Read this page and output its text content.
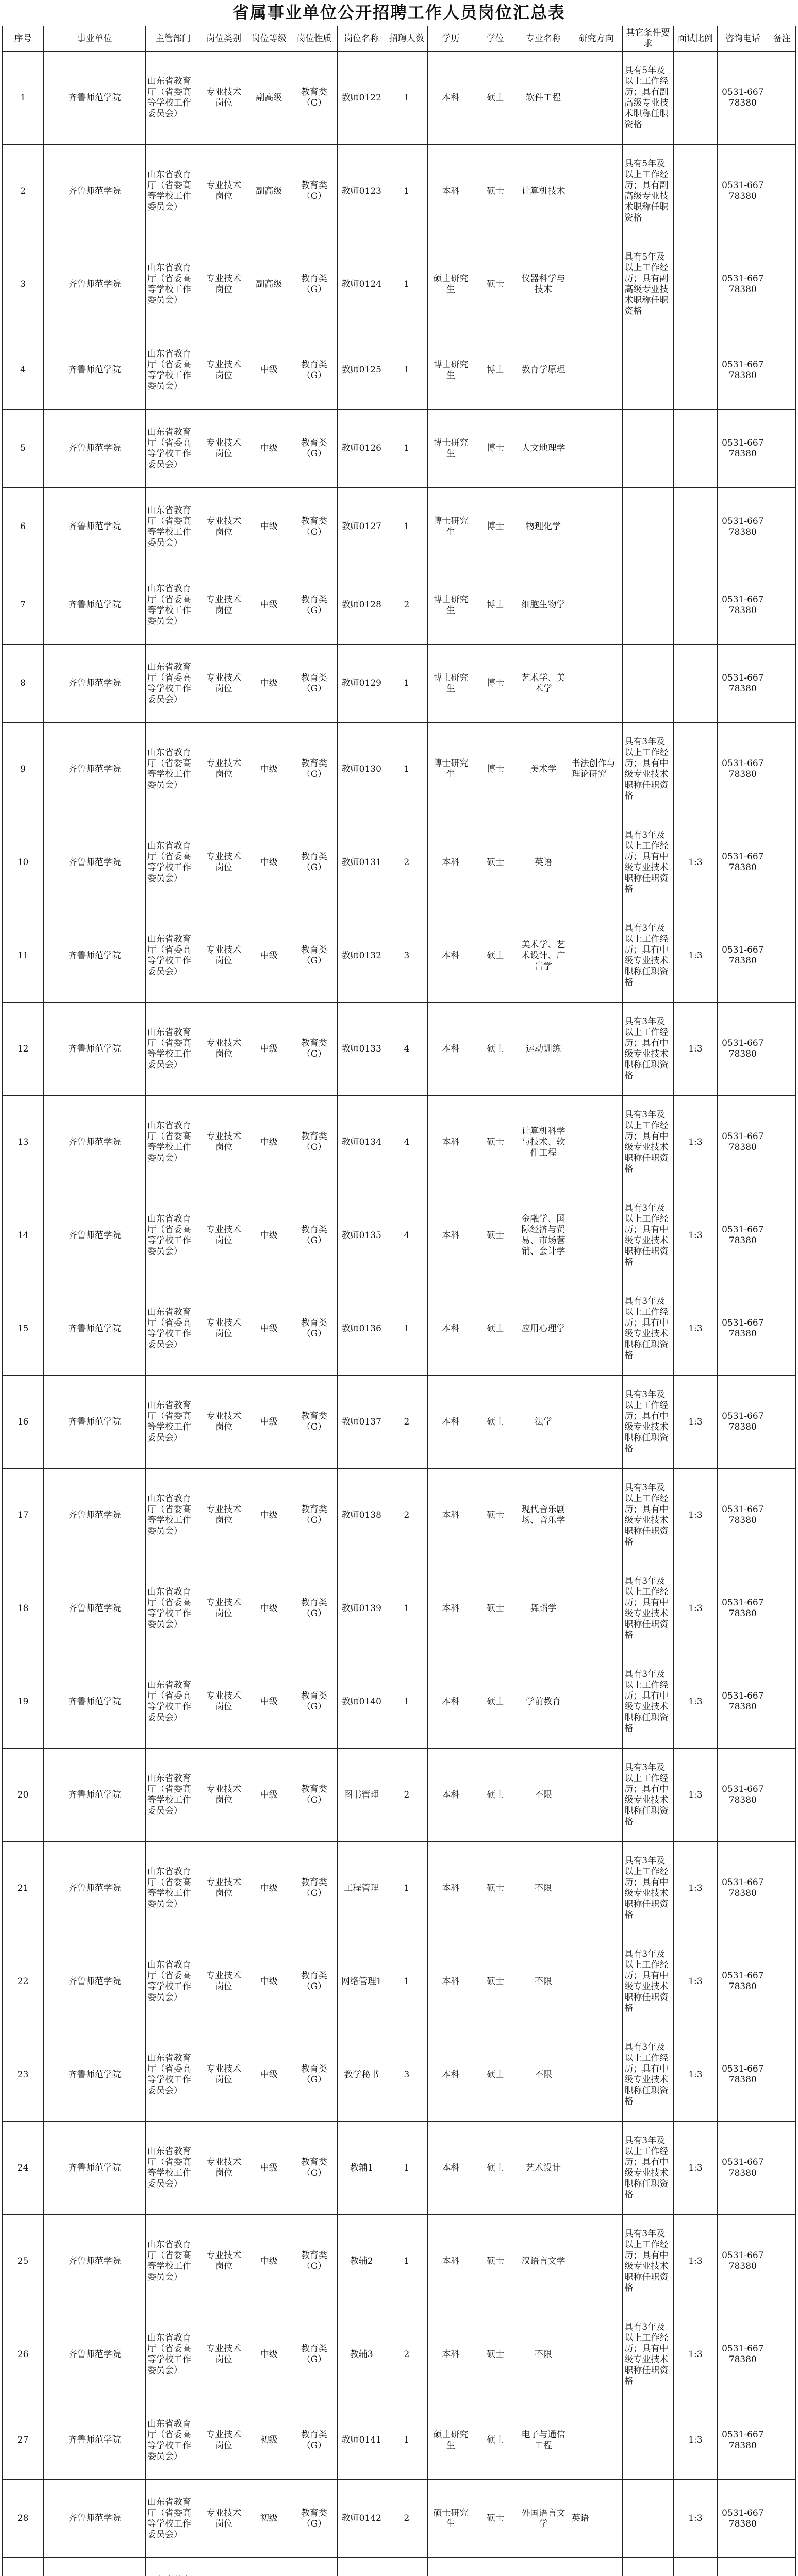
省属事业单位公开招聘工作人员岗位汇总表
序号	事业单位	主管部门	岗位类别	岗位等级	岗位性质	岗位名称	招聘人数	学历	学位	专业名称	研究方向	其它条件要求	面试比例	咨询电话	备注
1	齐鲁师范学院	山东省教育厅（省委高等学校工作委员会）	专业技术岗位	副高级	教育类（G）	教师0122	1	本科	硕士	软件工程		具有5年及以上工作经历；具有副高级专业技术职称任职资格		0531-66778380	
2	齐鲁师范学院	山东省教育厅（省委高等学校工作委员会）	专业技术岗位	副高级	教育类（G）	教师0123	1	本科	硕士	计算机技术		具有5年及以上工作经历；具有副高级专业技术职称任职资格		0531-66778380	
3	齐鲁师范学院	山东省教育厅（省委高等学校工作委员会）	专业技术岗位	副高级	教育类（G）	教师0124	1	硕士研究生	硕士	仪器科学与技术		具有5年及以上工作经历；具有副高级专业技术职称任职资格		0531-66778380	
4	齐鲁师范学院	山东省教育厅（省委高等学校工作委员会）	专业技术岗位	中级	教育类（G）	教师0125	1	博士研究生	博士	教育学原理				0531-66778380	
5	齐鲁师范学院	山东省教育厅（省委高等学校工作委员会）	专业技术岗位	中级	教育类（G）	教师0126	1	博士研究生	博士	人文地理学				0531-66778380	
6	齐鲁师范学院	山东省教育厅（省委高等学校工作委员会）	专业技术岗位	中级	教育类（G）	教师0127	1	博士研究生	博士	物理化学				0531-66778380	
7	齐鲁师范学院	山东省教育厅（省委高等学校工作委员会）	专业技术岗位	中级	教育类（G）	教师0128	2	博士研究生	博士	细胞生物学				0531-66778380	
8	齐鲁师范学院	山东省教育厅（省委高等学校工作委员会）	专业技术岗位	中级	教育类（G）	教师0129	1	博士研究生	博士	艺术学、美术学				0531-66778380	
9	齐鲁师范学院	山东省教育厅（省委高等学校工作委员会）	专业技术岗位	中级	教育类（G）	教师0130	1	博士研究生	博士	美术学	书法创作与理论研究	具有3年及以上工作经历；具有中级专业技术职称任职资格		0531-66778380	
10	齐鲁师范学院	山东省教育厅（省委高等学校工作委员会）	专业技术岗位	中级	教育类（G）	教师0131	2	本科	硕士	英语		具有3年及以上工作经历；具有中级专业技术职称任职资格	1:3	0531-66778380	
11	齐鲁师范学院	山东省教育厅（省委高等学校工作委员会）	专业技术岗位	中级	教育类（G）	教师0132	3	本科	硕士	美术学、艺术设计、广告学		具有3年及以上工作经历；具有中级专业技术职称任职资格	1:3	0531-66778380	
12	齐鲁师范学院	山东省教育厅（省委高等学校工作委员会）	专业技术岗位	中级	教育类（G）	教师0133	4	本科	硕士	运动训练		具有3年及以上工作经历；具有中级专业技术职称任职资格	1:3	0531-66778380	
13	齐鲁师范学院	山东省教育厅（省委高等学校工作委员会）	专业技术岗位	中级	教育类（G）	教师0134	4	本科	硕士	计算机科学与技术、软件工程		具有3年及以上工作经历；具有中级专业技术职称任职资格	1:3	0531-66778380	
14	齐鲁师范学院	山东省教育厅（省委高等学校工作委员会）	专业技术岗位	中级	教育类（G）	教师0135	4	本科	硕士	金融学、国际经济与贸易、市场营销、会计学		具有3年及以上工作经历；具有中级专业技术职称任职资格	1:3	0531-66778380	
15	齐鲁师范学院	山东省教育厅（省委高等学校工作委员会）	专业技术岗位	中级	教育类（G）	教师0136	1	本科	硕士	应用心理学		具有3年及以上工作经历；具有中级专业技术职称任职资格	1:3	0531-66778380	
16	齐鲁师范学院	山东省教育厅（省委高等学校工作委员会）	专业技术岗位	中级	教育类（G）	教师0137	2	本科	硕士	法学		具有3年及以上工作经历；具有中级专业技术职称任职资格	1:3	0531-66778380	
17	齐鲁师范学院	山东省教育厅（省委高等学校工作委员会）	专业技术岗位	中级	教育类（G）	教师0138	2	本科	硕士	现代音乐剧场、音乐学		具有3年及以上工作经历；具有中级专业技术职称任职资格	1:3	0531-66778380	
18	齐鲁师范学院	山东省教育厅（省委高等学校工作委员会）	专业技术岗位	中级	教育类（G）	教师0139	1	本科	硕士	舞蹈学		具有3年及以上工作经历；具有中级专业技术职称任职资格	1:3	0531-66778380	
19	齐鲁师范学院	山东省教育厅（省委高等学校工作委员会）	专业技术岗位	中级	教育类（G）	教师0140	1	本科	硕士	学前教育		具有3年及以上工作经历；具有中级专业技术职称任职资格	1:3	0531-66778380	
20	齐鲁师范学院	山东省教育厅（省委高等学校工作委员会）	专业技术岗位	中级	教育类（G）	图书管理	2	本科	硕士	不限		具有3年及以上工作经历；具有中级专业技术职称任职资格	1:3	0531-66778380	
21	齐鲁师范学院	山东省教育厅（省委高等学校工作委员会）	专业技术岗位	中级	教育类（G）	工程管理	1	本科	硕士	不限		具有3年及以上工作经历；具有中级专业技术职称任职资格	1:3	0531-66778380	
22	齐鲁师范学院	山东省教育厅（省委高等学校工作委员会）	专业技术岗位	中级	教育类（G）	网络管理1	1	本科	硕士	不限		具有3年及以上工作经历；具有中级专业技术职称任职资格	1:3	0531-66778380	
23	齐鲁师范学院	山东省教育厅（省委高等学校工作委员会）	专业技术岗位	中级	教育类（G）	教学秘书	3	本科	硕士	不限		具有3年及以上工作经历；具有中级专业技术职称任职资格	1:3	0531-66778380	
24	齐鲁师范学院	山东省教育厅（省委高等学校工作委员会）	专业技术岗位	中级	教育类（G）	教辅1	1	本科	硕士	艺术设计		具有3年及以上工作经历；具有中级专业技术职称任职资格	1:3	0531-66778380	
25	齐鲁师范学院	山东省教育厅（省委高等学校工作委员会）	专业技术岗位	中级	教育类（G）	教辅2	1	本科	硕士	汉语言文学		具有3年及以上工作经历；具有中级专业技术职称任职资格	1:3	0531-66778380	
26	齐鲁师范学院	山东省教育厅（省委高等学校工作委员会）	专业技术岗位	中级	教育类（G）	教辅3	2	本科	硕士	不限		具有3年及以上工作经历；具有中级专业技术职称任职资格	1:3	0531-66778380	
27	齐鲁师范学院	山东省教育厅（省委高等学校工作委员会）	专业技术岗位	初级	教育类（G）	教师0141	1	硕士研究生	硕士	电子与通信工程			1:3	0531-66778380	
28	齐鲁师范学院	山东省教育厅（省委高等学校工作委员会）	专业技术岗位	初级	教育类（G）	教师0142	2	硕士研究生	硕士	外国语言文学	英语		1:3	0531-66778380	
